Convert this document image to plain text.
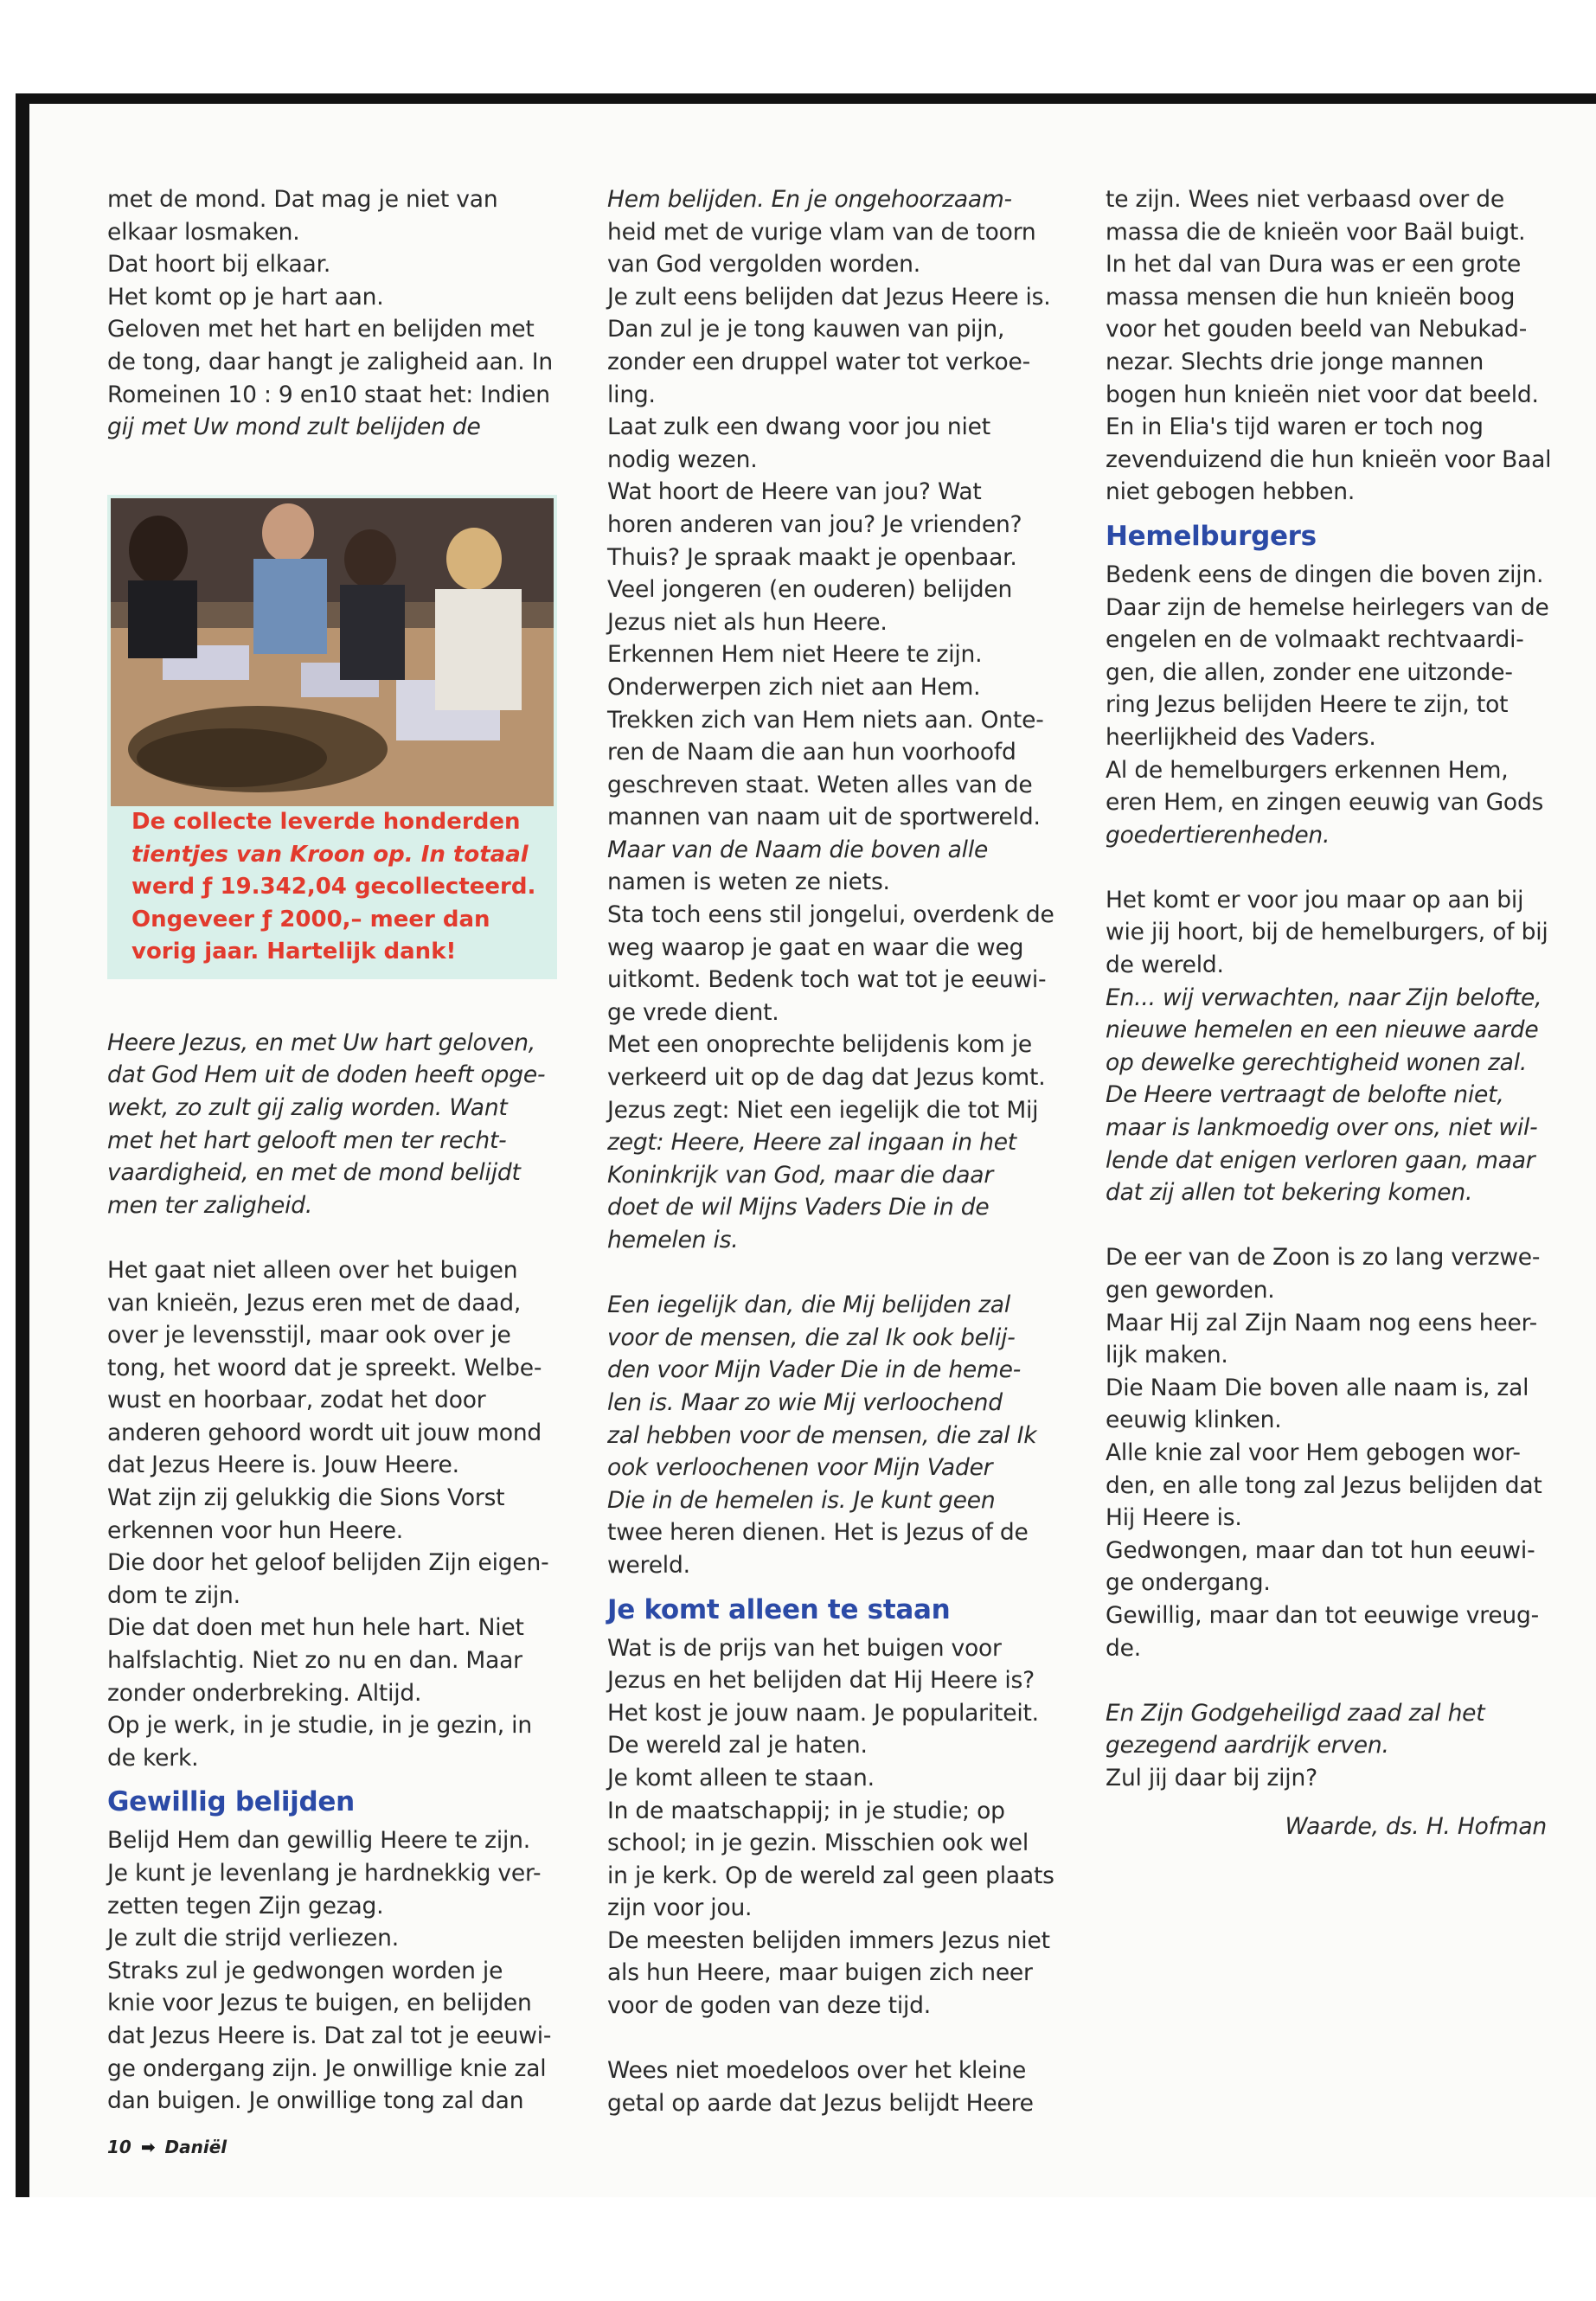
met de mond. Dat mag je niet van

elkaar losmaken.

Dat hoort bij elkaar.

Het komt op je hart aan.

Geloven met het hart en belijden met

de tong, daar hangt je zaligheid aan. In

Romeinen 10 : 9 en10 staat het: Indien

gij met Uw mond zult belijden de

Heere Jezus, en met Uw hart geloven,

dat God Hem uit de doden heeft opge-

wekt, zo zult gij zalig worden. Want

met het hart gelooft men ter recht-

vaardigheid, en met de mond belijdt

men ter zaligheid.

Het gaat niet alleen over het buigen

van knieën, Jezus eren met de daad,

over je levensstijl, maar ook over je

tong, het woord dat je spreekt. Welbe-

wust en hoorbaar, zodat het door

anderen gehoord wordt uit jouw mond

dat Jezus Heere is. Jouw Heere.

Wat zijn zij gelukkig die Sions Vorst

erkennen voor hun Heere.

Die door het geloof belijden Zijn eigen-

dom te zijn.

Die dat doen met hun hele hart. Niet

halfslachtig. Niet zo nu en dan. Maar

zonder onderbreking. Altijd.

Op je werk, in je studie, in je gezin, in

de kerk.

Gewillig belijden

Belijd Hem dan gewillig Heere te zijn.

Je kunt je levenlang je hardnekkig ver-

zetten tegen Zijn gezag.

Je zult die strijd verliezen.

Straks zul je gedwongen worden je

knie voor Jezus te buigen, en belijden

dat Jezus Heere is. Dat zal tot je eeuwi-

ge ondergang zijn. Je onwillige knie zal

dan buigen. Je onwillige tong zal dan

De collecte leverde honderden

tientjes van Kroon op. In totaal

werd ƒ 19.342,04 gecollecteerd.

Ongeveer ƒ 2000,– meer dan

vorig jaar. Hartelijk dank!

Hem belijden. En je ongehoorzaam-

heid met de vurige vlam van de toorn

van God vergolden worden.

Je zult eens belijden dat Jezus Heere is.

Dan zul je je tong kauwen van pijn,

zonder een druppel water tot verkoe-

ling.

Laat zulk een dwang voor jou niet

nodig wezen.

Wat hoort de Heere van jou? Wat

horen anderen van jou? Je vrienden?

Thuis? Je spraak maakt je openbaar.

Veel jongeren (en ouderen) belijden

Jezus niet als hun Heere.

Erkennen Hem niet Heere te zijn.

Onderwerpen zich niet aan Hem.

Trekken zich van Hem niets aan. Onte-

ren de Naam die aan hun voorhoofd

geschreven staat. Weten alles van de

mannen van naam uit de sportwereld.

Maar van de Naam die boven alle

namen is weten ze niets.

Sta toch eens stil jongelui, overdenk de

weg waarop je gaat en waar die weg

uitkomt. Bedenk toch wat tot je eeuwi-

ge vrede dient.

Met een onoprechte belijdenis kom je

verkeerd uit op de dag dat Jezus komt.

Jezus zegt: Niet een iegelijk die tot Mij

zegt: Heere, Heere zal ingaan in het

Koninkrijk van God, maar die daar

doet de wil Mijns Vaders Die in de

hemelen is.

Een iegelijk dan, die Mij belijden zal

voor de mensen, die zal Ik ook belij-

den voor Mijn Vader Die in de heme-

len is. Maar zo wie Mij verloochend

zal hebben voor de mensen, die zal Ik

ook verloochenen voor Mijn Vader

Die in de hemelen is. Je kunt geen

twee heren dienen. Het is Jezus of de

wereld.

Je komt alleen te staan

Wat is de prijs van het buigen voor

Jezus en het belijden dat Hij Heere is?

Het kost je jouw naam. Je populariteit.

De wereld zal je haten.

Je komt alleen te staan.

In de maatschappij; in je studie; op

school; in je gezin. Misschien ook wel

in je kerk. Op de wereld zal geen plaats

zijn voor jou.

De meesten belijden immers Jezus niet

als hun Heere, maar buigen zich neer

voor de goden van deze tijd.

Wees niet moedeloos over het kleine

getal op aarde dat Jezus belijdt Heere

te zijn. Wees niet verbaasd over de

massa die de knieën voor Baäl buigt.

In het dal van Dura was er een grote

massa mensen die hun knieën boog

voor het gouden beeld van Nebukad-

nezar. Slechts drie jonge mannen

bogen hun knieën niet voor dat beeld.

En in Elia's tijd waren er toch nog

zevenduizend die hun knieën voor Baal

niet gebogen hebben.

Hemelburgers

Bedenk eens de dingen die boven zijn.

Daar zijn de hemelse heirlegers van de

engelen en de volmaakt rechtvaardi-

gen, die allen, zonder ene uitzonde-

ring Jezus belijden Heere te zijn, tot

heerlijkheid des Vaders.

Al de hemelburgers erkennen Hem,

eren Hem, en zingen eeuwig van Gods

goedertierenheden.

Het komt er voor jou maar op aan bij

wie jij hoort, bij de hemelburgers, of bij

de wereld.

En... wij verwachten, naar Zijn belofte,

nieuwe hemelen en een nieuwe aarde

op dewelke gerechtigheid wonen zal.

De Heere vertraagt de belofte niet,

maar is lankmoedig over ons, niet wil-

lende dat enigen verloren gaan, maar

dat zij allen tot bekering komen.

De eer van de Zoon is zo lang verzwe-

gen geworden.

Maar Hij zal Zijn Naam nog eens heer-

lijk maken.

Die Naam Die boven alle naam is, zal

eeuwig klinken.

Alle knie zal voor Hem gebogen wor-

den, en alle tong zal Jezus belijden dat

Hij Heere is.

Gedwongen, maar dan tot hun eeuwi-

ge ondergang.

Gewillig, maar dan tot eeuwige vreug-

de.

En Zijn Godgeheiligd zaad zal het

gezegend aardrijk erven.

Zul jij daar bij zijn?

Waarde, ds. H. Hofman

10 ➡ Daniël
